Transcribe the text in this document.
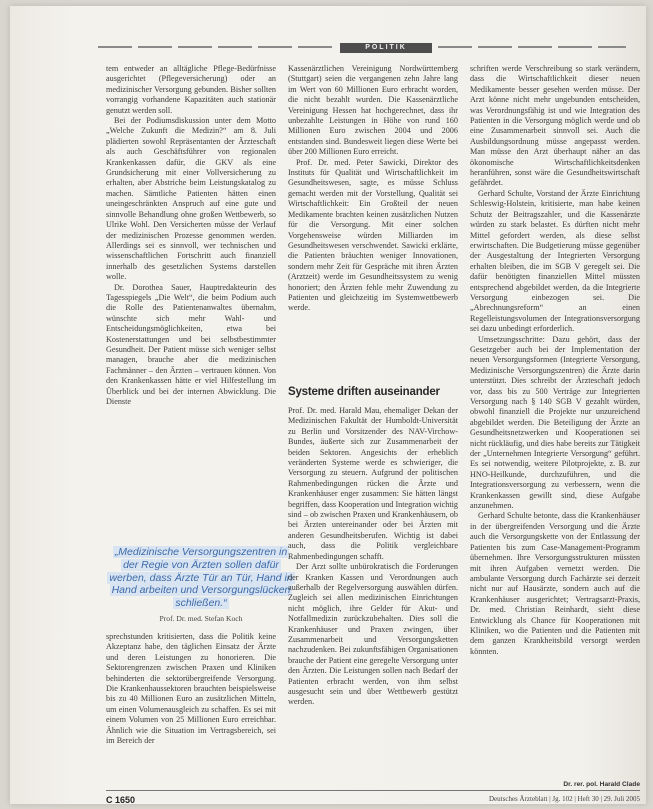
POLITIK

tem entweder an alltägliche Pflege-Bedürfnisse ausgerichtet (Pflegeversicherung) oder an medizinischer Versorgung gebunden. Bisher sollten vorrangig vorhandene Kapazitäten auch stationär genutzt werden soll.

Bei der Podiumsdiskussion unter dem Motto „Welche Zukunft die Medizin?“ am 8. Juli plädierten sowohl Repräsentanten der Ärzteschaft als auch Geschäftsführer von regionalen Krankenkassen dafür, die GKV als eine Grundsicherung mit einer Vollversicherung zu erhalten, aber Abstriche beim Leistungskatalog zu machen. Sämtliche Patienten hätten einen uneingeschränkten Anspruch auf eine gute und sinnvolle Behandlung ohne großen Wettbewerb, so Ulrike Wohl. Den Versicherten müsse der Verlauf der medizinischen Prozesse genommen werden. Allerdings sei es sinnvoll, wer technischen und wissenschaftlichen Fortschritt auch finanziell innerhalb des gesetzlichen Systems darstellen wolle.

Dr. Dorothea Sauer, Hauptredakteurin des Tagesspiegels „Die Welt“, die beim Podium auch die Rolle des Patientenanwaltes übernahm, wünschte sich mehr Wahl- und Entscheidungsmöglichkeiten, etwa bei Kostenerstattungen und bei selbstbestimmter Gesundheit. Der Patient müsse sich weniger selbst managen, brauche aber die medizinischen Fachmänner – den Ärzten – vertrauen können. Von den Krankenkassen hätte er viel Hilfestellung im Überblick und bei der internen Abwicklung. Die Dienste

„Medizinische Versorgungszentren in der Regie von Ärzten sollen dafür werben, dass Ärzte Tür an Tür, Hand in Hand arbeiten und Versorgungslücken schließen.“
Prof. Dr. med. Stefan Koch

sprechstunden kritisierten, dass die Politik keine Akzeptanz habe, den täglichen Einsatz der Ärzte und deren Leistungen zu honorieren. Die Sektorengrenzen zwischen Praxen und Kliniken behinderten die sektorübergreifende Versorgung. Die Krankenhaussektoren brauchten beispielsweise bis zu 40 Millionen Euro an zusätzlichen Mitteln, um einen Volumenausgleich zu schaffen. Es sei mit einem Volumen von 25 Millionen Euro erreichbar. Ähnlich wie die Situation im Vertragsbereich, sei im Bereich der

Kassenärztlichen Vereinigung Nordwürttemberg (Stuttgart) seien die vergangenen zehn Jahre lang im Wert von 60 Millionen Euro erbracht worden, die nicht bezahlt wurden. Die Kassenärztliche Vereinigung Hessen hat hochgerechnet, dass ihr unbezahlte Leistungen in Höhe von rund 160 Millionen Euro zwischen 2004 und 2006 entstanden sind. Bundesweit liegen diese Werte bei über 200 Millionen Euro erreicht.

Prof. Dr. med. Peter Sawicki, Direktor des Instituts für Qualität und Wirtschaftlichkeit im Gesundheitswesen, sagte, es müsse Schluss gemacht werden mit der Vorstellung, Qualität sei Wirtschaftlichkeit: Ein Großteil der neuen Medikamente brachten keinen zusätzlichen Nutzen für die Versorgung. Mit einer solchen Vorgehensweise würden Milliarden im Gesundheitswesen verschwendet. Sawicki erklärte, die Patienten bräuchten weniger Innovationen, sondern mehr Zeit für Gespräche mit ihren Ärzten (Arztzeit) werde im Gesundheitssystem zu wenig honoriert; den Ärzten fehle mehr Zuwendung zu Patienten und gleichzeitig im Systemwettbewerb werde.

Systeme driften auseinander

Prof. Dr. med. Harald Mau, ehemaliger Dekan der Medizinischen Fakultät der Humboldt-Universität zu Berlin und Vorsitzender des NAV-Virchow-Bundes, äußerte sich zur Zusammenarbeit der beiden Sektoren. Angesichts der erheblich veränderten Systeme werde es schwieriger, die Versorgung zu steuern. Aufgrund der politischen Rahmenbedingungen rücken die Ärzte und Krankenhäuser enger zusammen: Sie hätten längst begriffen, dass Kooperation und Integration wichtig sind – ob zwischen Praxen und Krankenhäusern, ob bei Ärzten untereinander oder bei Ärzten mit anderen Gesundheitsberufen. Wichtig ist dabei auch, dass die Politik vergleichbare Rahmenbedingungen schafft.

Der Arzt sollte unbürokratisch die Forderungen der Kranken Kassen und Verordnungen auch außerhalb der Regelversorgung auswählen dürfen. Zugleich sei allen medizinischen Einrichtungen nicht möglich, ihre Gelder für Akut- und Notfallmedizin zurückzubehalten. Dies soll die Krankenhäuser und Praxen zwingen, über Zusammenarbeit und Versorgungsketten nachzudenken. Bei zukunftsfähigen Organisationen brauche der Patient eine geregelte Versorgung unter den Ärzten. Die Leistungen sollen nach Bedarf der Patienten erbracht werden, von ihm selbst ausgesucht sein und über Wettbewerb gestützt werden.

schriften werde Verschreibung so stark verändern, dass die Wirtschaftlichkeit dieser neuen Medikamente besser gesehen werden müsse. Der Arzt könne nicht mehr ungebunden entscheiden, was Verordnungsfähig ist und wie Integration des Patienten in die Versorgung möglich werde und ob eine Zusammenarbeit sinnvoll sei. Auch die Ausbildungsordnung müsse angepasst werden. Man müsse den Arzt überhaupt näher an das ökonomische Wirtschaftlichkeitsdenken heranführen, sonst wäre die Gesundheitswirtschaft gefährdet.

Gerhard Schulte, Vorstand der Ärzte Einrichtung Schleswig-Holstein, kritisierte, man habe keinen Schutz der Beitragszahler, und die Kassenärzte würden zu stark belastet. Es dürften nicht mehr Mittel gefordert werden, als diese selbst erwirtschaften. Die Budgetierung müsse gegenüber der Ausgestaltung der Integrierten Versorgung erhalten bleiben, die im SGB V geregelt sei. Die dafür benötigten finanziellen Mittel müssten entsprechend abgebildet werden, da die Integrierte Versorgung einbezogen sei. Die „Abrechnungsreform“ an einen Regelleistungsvolumen der Integrationsversorgung sei dazu unbedingt erforderlich.

Umsetzungsschritte: Dazu gehört, dass der Gesetzgeber auch bei der Implementation der neuen Versorgungsformen (Integrierte Versorgung, Medizinische Versorgungszentren) die Ärzte darin unterstützt. Dies schreibt der Ärzteschaft jedoch vor, dass bis zu 500 Verträge zur Integrierten Versorgung nach § 140 SGB V gezahlt würden, obwohl finanziell die Projekte nur unzureichend abgebildet werden. Die Beteiligung der Ärzte an Gesundheitsnetzwerken und Kooperationen sei nicht rückläufig, und dies habe bereits zur Tätigkeit der „Unternehmen Integrierte Versorgung“ geführt. Es sei notwendig, weitere Pilotprojekte, z. B. zur HNO-Heilkunde, durchzuführen, und die Integrationsversorgung zu verbessern, wenn die Krankenkassen gewillt sind, diese Aufgabe anzunehmen.

Gerhard Schulte betonte, dass die Krankenhäuser in der übergreifenden Versorgung und die Ärzte auch die Versorgungskette von der Entlassung der Patienten bis zum Case-Management-Programm übernehmen. Ihre Versorgungsstrukturen müssten mit ihren Aufgaben vernetzt werden. Die ambulante Versorgung durch Fachärzte sei derzeit nicht nur auf Hausärzte, sondern auch auf die Krankenhäuser ausgerichtet; Vertragsarzt-Praxis, Dr. med. Christian Reinhardt, sieht diese Entwicklung als Chance für Kooperationen mit Kliniken, wo die Patienten und die Patienten mit dem ganzen Krankheitsbild versorgt werden könnten.

Dr. rer. pol. Harald Clade
C 1650	Deutsches Ärzteblatt | Jg. 102 | Heft 30 | 29. Juli 2005
